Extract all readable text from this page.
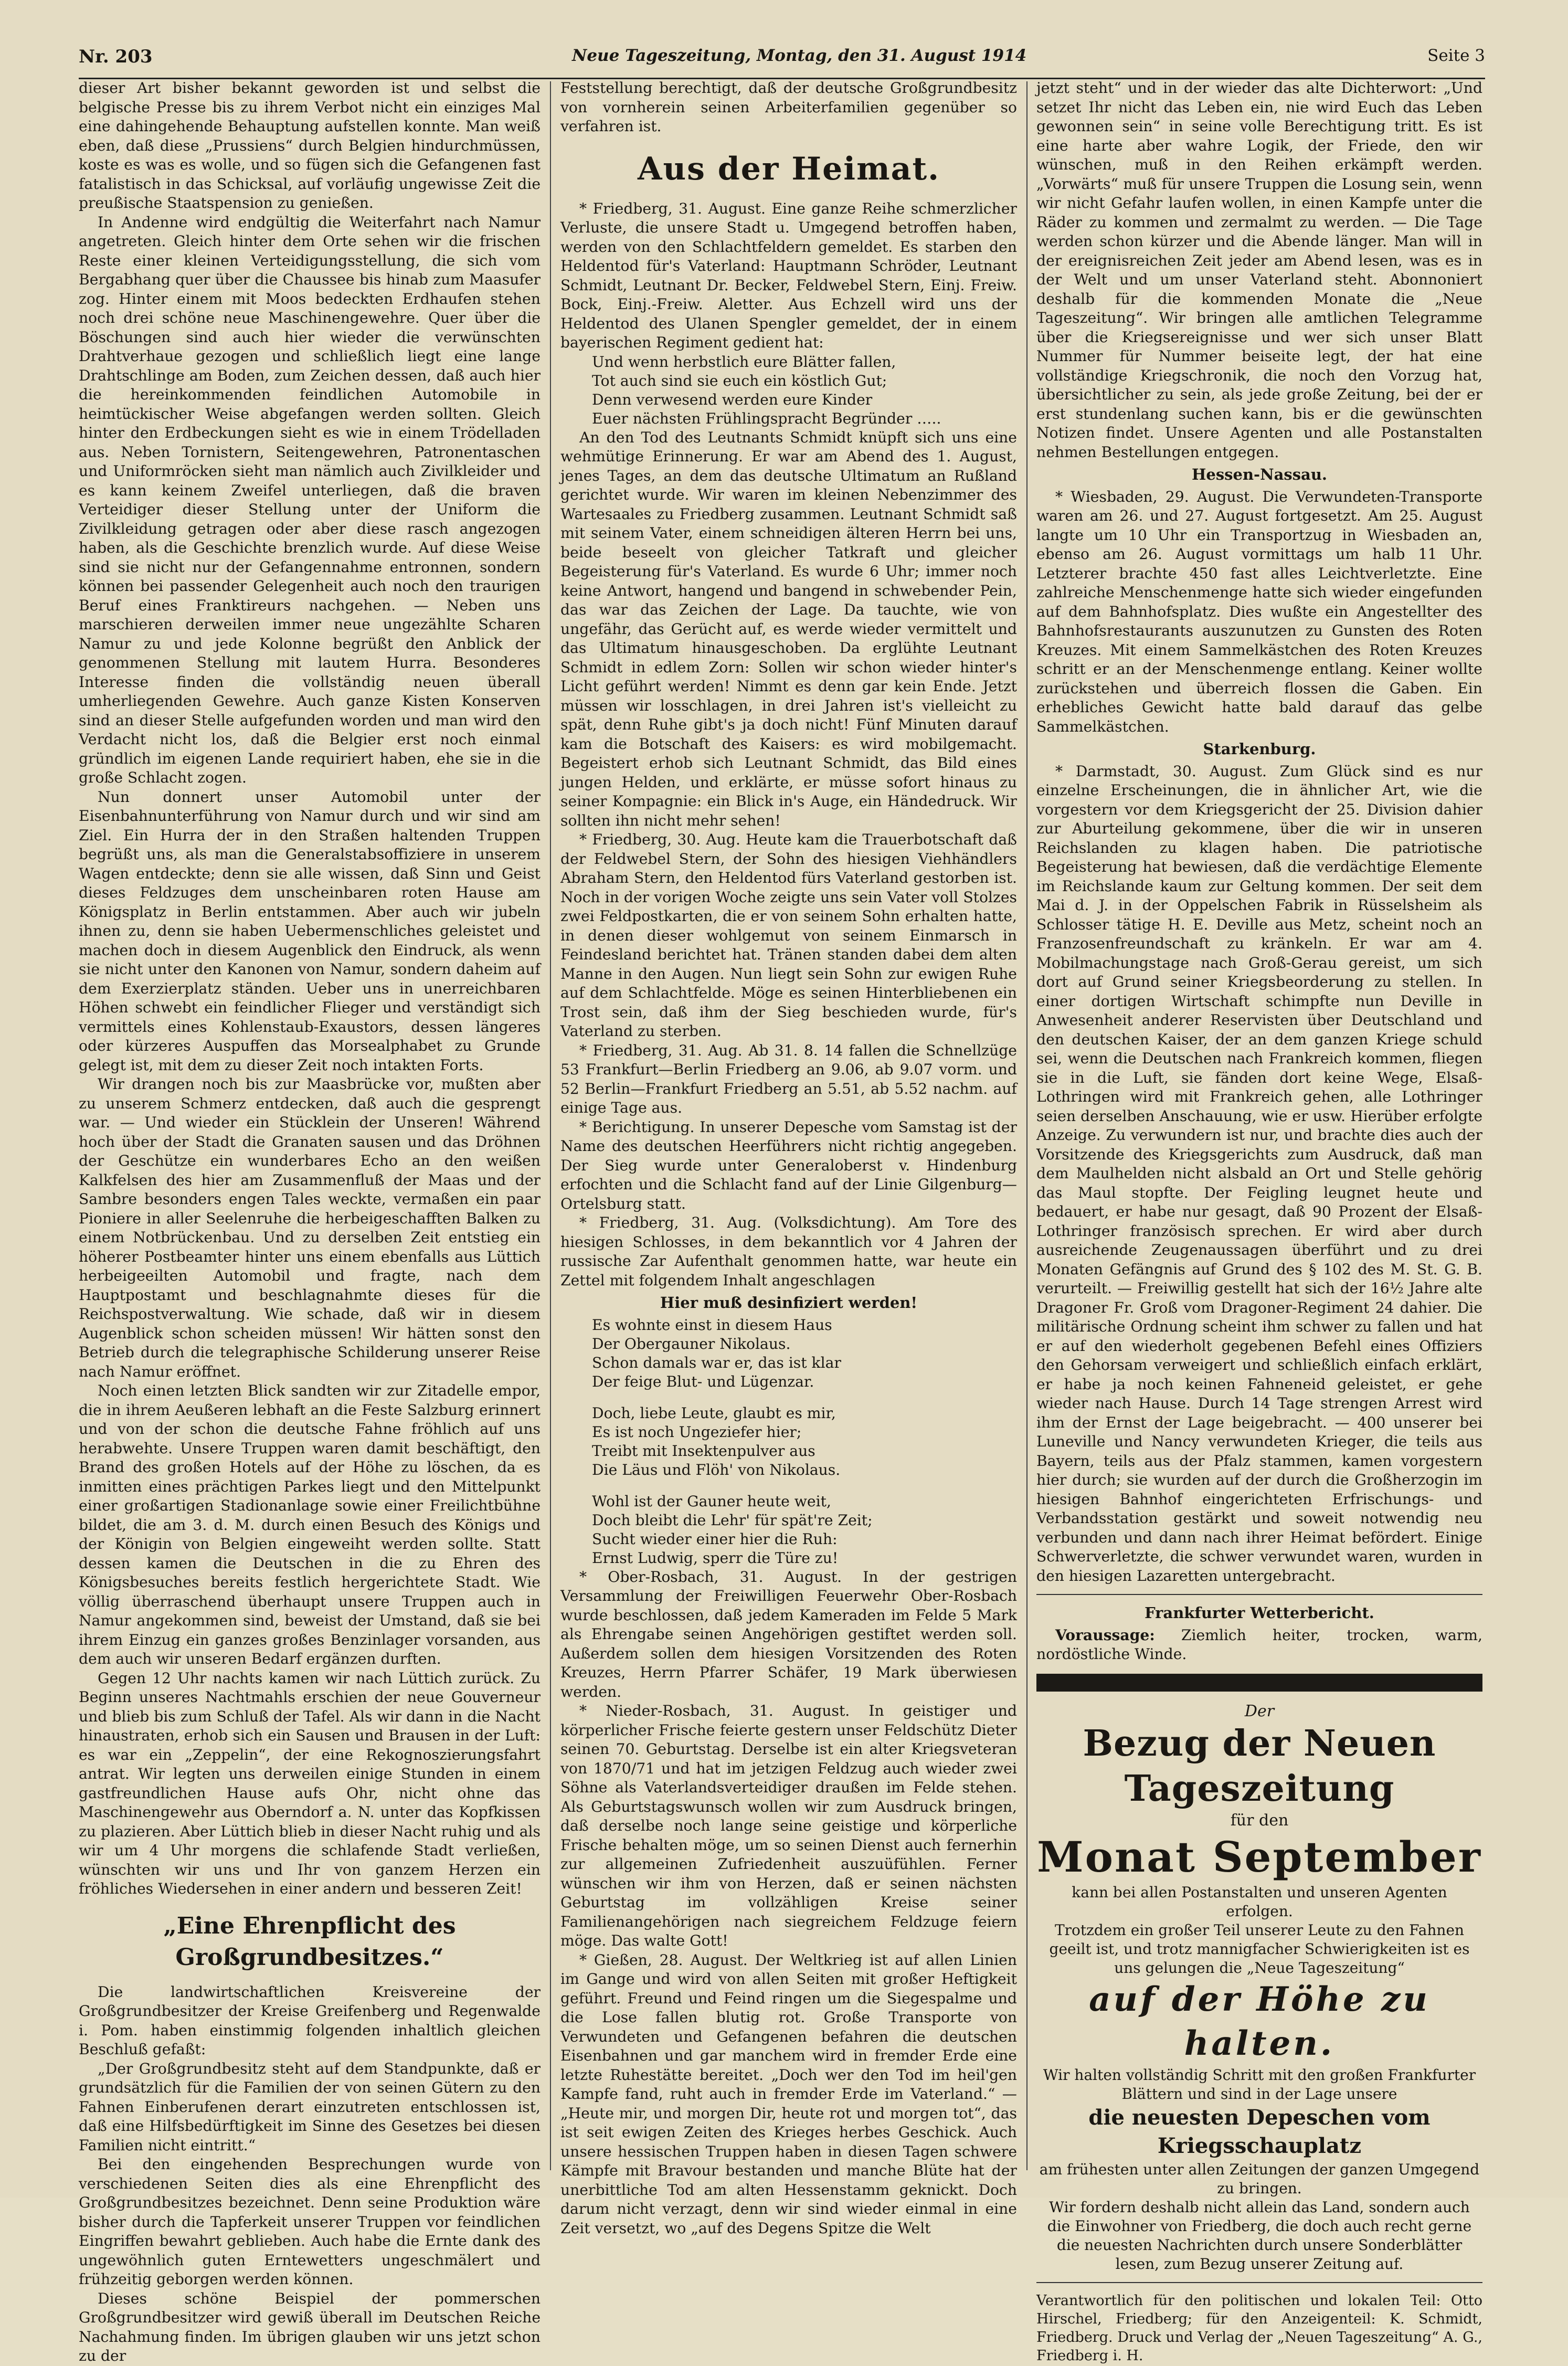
Nr. 203	Neue Tageszeitung, Montag, den 31. August 1914	Seite 3

dieser Art bisher bekannt geworden ist und selbst die belgische Presse bis zu ihrem Verbot nicht ein einziges Mal eine dahingehende Behauptung aufstellen konnte. Man weiß eben, daß diese „Prussiens“ durch Belgien hindurchmüssen, koste es was es wolle, und so fügen sich die Gefangenen fast fatalistisch in das Schicksal, auf vorläufig ungewisse Zeit die preußische Staatspension zu genießen.

In Andenne wird endgültig die Weiterfahrt nach Namur angetreten. Gleich hinter dem Orte sehen wir die frischen Reste einer kleinen Verteidigungsstellung, die sich vom Bergabhang quer über die Chaussee bis hinab zum Maasufer zog. Hinter einem mit Moos bedeckten Erdhaufen stehen noch drei schöne neue Maschinengewehre. Quer über die Böschungen sind auch hier wieder die verwünschten Drahtverhaue gezogen und schließlich liegt eine lange Drahtschlinge am Boden, zum Zeichen dessen, daß auch hier die hereinkommenden feindlichen Automobile in heimtückischer Weise abgefangen werden sollten. Gleich hinter den Erdbeckungen sieht es wie in einem Trödelladen aus. Neben Tornistern, Seitengewehren, Patronentaschen und Uniformröcken sieht man nämlich auch Zivilkleider und es kann keinem Zweifel unterliegen, daß die braven Verteidiger dieser Stellung unter der Uniform die Zivilkleidung getragen oder aber diese rasch angezogen haben, als die Geschichte brenzlich wurde. Auf diese Weise sind sie nicht nur der Gefangennahme entronnen, sondern können bei passender Gelegenheit auch noch den traurigen Beruf eines Franktireurs nachgehen. — Neben uns marschieren derweilen immer neue ungezählte Scharen Namur zu und jede Kolonne begrüßt den Anblick der genommenen Stellung mit lautem Hurra. Besonderes Interesse finden die vollständig neuen überall umherliegenden Gewehre. Auch ganze Kisten Konserven sind an dieser Stelle aufgefunden worden und man wird den Verdacht nicht los, daß die Belgier erst noch einmal gründlich im eigenen Lande requiriert haben, ehe sie in die große Schlacht zogen.

Nun donnert unser Automobil unter der Eisenbahnunterführung von Namur durch und wir sind am Ziel. Ein Hurra der in den Straßen haltenden Truppen begrüßt uns, als man die Generalstabsoffiziere in unserem Wagen entdeckte; denn sie alle wissen, daß Sinn und Geist dieses Feldzuges dem unscheinbaren roten Hause am Königsplatz in Berlin entstammen. Aber auch wir jubeln ihnen zu, denn sie haben Uebermenschliches geleistet und machen doch in diesem Augenblick den Eindruck, als wenn sie nicht unter den Kanonen von Namur, sondern daheim auf dem Exerzierplatz ständen. Ueber uns in unerreichbaren Höhen schwebt ein feindlicher Flieger und verständigt sich vermittels eines Kohlenstaub-Exaustors, dessen längeres oder kürzeres Auspuffen das Morsealphabet zu Grunde gelegt ist, mit dem zu dieser Zeit noch intakten Forts.

Wir drangen noch bis zur Maasbrücke vor, mußten aber zu unserem Schmerz entdecken, daß auch die gesprengt war. — Und wieder ein Stücklein der Unseren! Während hoch über der Stadt die Granaten sausen und das Dröhnen der Geschütze ein wunderbares Echo an den weißen Kalkfelsen des hier am Zusammenfluß der Maas und der Sambre besonders engen Tales weckte, vermaßen ein paar Pioniere in aller Seelenruhe die herbeigeschafften Balken zu einem Notbrückenbau. Und zu derselben Zeit entstieg ein höherer Postbeamter hinter uns einem ebenfalls aus Lüttich herbeigeeilten Automobil und fragte, nach dem Hauptpostamt und beschlagnahmte dieses für die Reichspostverwaltung. Wie schade, daß wir in diesem Augenblick schon scheiden müssen! Wir hätten sonst den Betrieb durch die telegraphische Schilderung unserer Reise nach Namur eröffnet.

Noch einen letzten Blick sandten wir zur Zitadelle empor, die in ihrem Aeußeren lebhaft an die Feste Salzburg erinnert und von der schon die deutsche Fahne fröhlich auf uns herabwehte. Unsere Truppen waren damit beschäftigt, den Brand des großen Hotels auf der Höhe zu löschen, da es inmitten eines prächtigen Parkes liegt und den Mittelpunkt einer großartigen Stadionanlage sowie einer Freilichtbühne bildet, die am 3. d. M. durch einen Besuch des Königs und der Königin von Belgien eingeweiht werden sollte. Statt dessen kamen die Deutschen in die zu Ehren des Königsbesuches bereits festlich hergerichtete Stadt. Wie völlig überraschend überhaupt unsere Truppen auch in Namur angekommen sind, beweist der Umstand, daß sie bei ihrem Einzug ein ganzes großes Benzinlager vorsanden, aus dem auch wir unseren Bedarf ergänzen durften.

Gegen 12 Uhr nachts kamen wir nach Lüttich zurück. Zu Beginn unseres Nachtmahls erschien der neue Gouverneur und blieb bis zum Schluß der Tafel. Als wir dann in die Nacht hinaustraten, erhob sich ein Sausen und Brausen in der Luft: es war ein „Zeppelin“, der eine Rekognoszierungsfahrt antrat. Wir legten uns derweilen einige Stunden in einem gastfreundlichen Hause aufs Ohr, nicht ohne das Maschinengewehr aus Oberndorf a. N. unter das Kopfkissen zu plazieren. Aber Lüttich blieb in dieser Nacht ruhig und als wir um 4 Uhr morgens die schlafende Stadt verließen, wünschten wir uns und Ihr von ganzem Herzen ein fröhliches Wiedersehen in einer andern und besseren Zeit!

„Eine Ehrenpflicht des Großgrundbesitzes.“

Die landwirtschaftlichen Kreisvereine der Großgrundbesitzer der Kreise Greifenberg und Regenwalde i. Pom. haben einstimmig folgenden inhaltlich gleichen Beschluß gefaßt:

„Der Großgrundbesitz steht auf dem Standpunkte, daß er grundsätzlich für die Familien der von seinen Gütern zu den Fahnen Einberufenen derart einzutreten entschlossen ist, daß eine Hilfsbedürftigkeit im Sinne des Gesetzes bei diesen Familien nicht eintritt.“

Bei den eingehenden Besprechungen wurde von verschiedenen Seiten dies als eine Ehrenpflicht des Großgrundbesitzes bezeichnet. Denn seine Produktion wäre bisher durch die Tapferkeit unserer Truppen vor feindlichen Eingriffen bewahrt geblieben. Auch habe die Ernte dank des ungewöhnlich guten Erntewetters ungeschmälert und frühzeitig geborgen werden können.

Dieses schöne Beispiel der pommerschen Großgrundbesitzer wird gewiß überall im Deutschen Reiche Nachahmung finden. Im übrigen glauben wir uns jetzt schon zu der

Feststellung berechtigt, daß der deutsche Großgrundbesitz von vornherein seinen Arbeiterfamilien gegenüber so verfahren ist.

Aus der Heimat.

* Friedberg, 31. August. Eine ganze Reihe schmerzlicher Verluste, die unsere Stadt u. Umgegend betroffen haben, werden von den Schlachtfeldern gemeldet. Es starben den Heldentod für's Vaterland: Hauptmann Schröder, Leutnant Schmidt, Leutnant Dr. Becker, Feldwebel Stern, Einj. Freiw. Bock, Einj.-Freiw. Aletter. Aus Echzell wird uns der Heldentod des Ulanen Spengler gemeldet, der in einem bayerischen Regiment gedient hat:

Und wenn herbstlich eure Blätter fallen,
Tot auch sind sie euch ein köstlich Gut;
Denn verwesend werden eure Kinder
Euer nächsten Frühlingspracht Begründer …..

An den Tod des Leutnants Schmidt knüpft sich uns eine wehmütige Erinnerung. Er war am Abend des 1. August, jenes Tages, an dem das deutsche Ultimatum an Rußland gerichtet wurde. Wir waren im kleinen Nebenzimmer des Wartesaales zu Friedberg zusammen. Leutnant Schmidt saß mit seinem Vater, einem schneidigen älteren Herrn bei uns, beide beseelt von gleicher Tatkraft und gleicher Begeisterung für's Vaterland. Es wurde 6 Uhr; immer noch keine Antwort, hangend und bangend in schwebender Pein, das war das Zeichen der Lage. Da tauchte, wie von ungefähr, das Gerücht auf, es werde wieder vermittelt und das Ultimatum hinausgeschoben. Da erglühte Leutnant Schmidt in edlem Zorn: Sollen wir schon wieder hinter's Licht geführt werden! Nimmt es denn gar kein Ende. Jetzt müssen wir losschlagen, in drei Jahren ist's vielleicht zu spät, denn Ruhe gibt's ja doch nicht! Fünf Minuten darauf kam die Botschaft des Kaisers: es wird mobilgemacht. Begeistert erhob sich Leutnant Schmidt, das Bild eines jungen Helden, und erklärte, er müsse sofort hinaus zu seiner Kompagnie: ein Blick in's Auge, ein Händedruck. Wir sollten ihn nicht mehr sehen!

* Friedberg, 30. Aug. Heute kam die Trauerbotschaft daß der Feldwebel Stern, der Sohn des hiesigen Viehhändlers Abraham Stern, den Heldentod fürs Vaterland gestorben ist. Noch in der vorigen Woche zeigte uns sein Vater voll Stolzes zwei Feldpostkarten, die er von seinem Sohn erhalten hatte, in denen dieser wohlgemut von seinem Einmarsch in Feindesland berichtet hat. Tränen standen dabei dem alten Manne in den Augen. Nun liegt sein Sohn zur ewigen Ruhe auf dem Schlachtfelde. Möge es seinen Hinterbliebenen ein Trost sein, daß ihm der Sieg beschieden wurde, für's Vaterland zu sterben.

* Friedberg, 31. Aug. Ab 31. 8. 14 fallen die Schnellzüge 53 Frankfurt—Berlin Friedberg an 9.06, ab 9.07 vorm. und 52 Berlin—Frankfurt Friedberg an 5.51, ab 5.52 nachm. auf einige Tage aus.

* Berichtigung. In unserer Depesche vom Samstag ist der Name des deutschen Heerführers nicht richtig angegeben. Der Sieg wurde unter Generaloberst v. Hindenburg erfochten und die Schlacht fand auf der Linie Gilgenburg—Ortelsburg statt.

* Friedberg, 31. Aug. (Volksdichtung). Am Tore des hiesigen Schlosses, in dem bekanntlich vor 4 Jahren der russische Zar Aufenthalt genommen hatte, war heute ein Zettel mit folgendem Inhalt angeschlagen

Hier muß desinfiziert werden!
Es wohnte einst in diesem Haus
Der Obergauner Nikolaus.
Schon damals war er, das ist klar
Der feige Blut- und Lügenzar.
Doch, liebe Leute, glaubt es mir,
Es ist noch Ungeziefer hier;
Treibt mit Insektenpulver aus
Die Läus und Flöh' von Nikolaus.
Wohl ist der Gauner heute weit,
Doch bleibt die Lehr' für spät're Zeit;
Sucht wieder einer hier die Ruh:
Ernst Ludwig, sperr die Türe zu!

* Ober-Rosbach, 31. August. In der gestrigen Versammlung der Freiwilligen Feuerwehr Ober-Rosbach wurde beschlossen, daß jedem Kameraden im Felde 5 Mark als Ehrengabe seinen Angehörigen gestiftet werden soll. Außerdem sollen dem hiesigen Vorsitzenden des Roten Kreuzes, Herrn Pfarrer Schäfer, 19 Mark überwiesen werden.

* Nieder-Rosbach, 31. August. In geistiger und körperlicher Frische feierte gestern unser Feldschütz Dieter seinen 70. Geburtstag. Derselbe ist ein alter Kriegsveteran von 1870/71 und hat im jetzigen Feldzug auch wieder zwei Söhne als Vaterlandsverteidiger draußen im Felde stehen. Als Geburtstagswunsch wollen wir zum Ausdruck bringen, daß derselbe noch lange seine geistige und körperliche Frische behalten möge, um so seinen Dienst auch fernerhin zur allgemeinen Zufriedenheit auszuüfühlen. Ferner wünschen wir ihm von Herzen, daß er seinen nächsten Geburtstag im vollzähligen Kreise seiner Familienangehörigen nach siegreichem Feldzuge feiern möge. Das walte Gott!

* Gießen, 28. August. Der Weltkrieg ist auf allen Linien im Gange und wird von allen Seiten mit großer Heftigkeit geführt. Freund und Feind ringen um die Siegespalme und die Lose fallen blutig rot. Große Transporte von Verwundeten und Gefangenen befahren die deutschen Eisenbahnen und gar manchem wird in fremder Erde eine letzte Ruhestätte bereitet. „Doch wer den Tod im heil'gen Kampfe fand, ruht auch in fremder Erde im Vaterland.“ — „Heute mir, und morgen Dir, heute rot und morgen tot“, das ist seit ewigen Zeiten des Krieges herbes Geschick. Auch unsere hessischen Truppen haben in diesen Tagen schwere Kämpfe mit Bravour bestanden und manche Blüte hat der unerbittliche Tod am alten Hessenstamm geknickt. Doch darum nicht verzagt, denn wir sind wieder einmal in eine Zeit versetzt, wo „auf des Degens Spitze die Welt

jetzt steht“ und in der wieder das alte Dichterwort: „Und setzet Ihr nicht das Leben ein, nie wird Euch das Leben gewonnen sein“ in seine volle Berechtigung tritt. Es ist eine harte aber wahre Logik, der Friede, den wir wünschen, muß in den Reihen erkämpft werden. „Vorwärts“ muß für unsere Truppen die Losung sein, wenn wir nicht Gefahr laufen wollen, in einen Kampfe unter die Räder zu kommen und zermalmt zu werden. — Die Tage werden schon kürzer und die Abende länger. Man will in der ereignisreichen Zeit jeder am Abend lesen, was es in der Welt und um unser Vaterland steht. Abonnoniert deshalb für die kommenden Monate die „Neue Tageszeitung“. Wir bringen alle amtlichen Telegramme über die Kriegsereignisse und wer sich unser Blatt Nummer für Nummer beiseite legt, der hat eine vollständige Kriegschronik, die noch den Vorzug hat, übersichtlicher zu sein, als jede große Zeitung, bei der er erst stundenlang suchen kann, bis er die gewünschten Notizen findet. Unsere Agenten und alle Postanstalten nehmen Bestellungen entgegen.

Hessen-Nassau.

* Wiesbaden, 29. August. Die Verwundeten-Transporte waren am 26. und 27. August fortgesetzt. Am 25. August langte um 10 Uhr ein Transportzug in Wiesbaden an, ebenso am 26. August vormittags um halb 11 Uhr. Letzterer brachte 450 fast alles Leichtverletzte. Eine zahlreiche Menschenmenge hatte sich wieder eingefunden auf dem Bahnhofsplatz. Dies wußte ein Angestellter des Bahnhofsrestaurants auszunutzen zu Gunsten des Roten Kreuzes. Mit einem Sammelkästchen des Roten Kreuzes schritt er an der Menschenmenge entlang. Keiner wollte zurückstehen und überreich flossen die Gaben. Ein erhebliches Gewicht hatte bald darauf das gelbe Sammelkästchen.

Starkenburg.

* Darmstadt, 30. August. Zum Glück sind es nur einzelne Erscheinungen, die in ähnlicher Art, wie die vorgestern vor dem Kriegsgericht der 25. Division dahier zur Aburteilung gekommene, über die wir in unseren Reichslanden zu klagen haben. Die patriotische Begeisterung hat bewiesen, daß die verdächtige Elemente im Reichslande kaum zur Geltung kommen. Der seit dem Mai d. J. in der Oppelschen Fabrik in Rüsselsheim als Schlosser tätige H. E. Deville aus Metz, scheint noch an Franzosenfreundschaft zu kränkeln. Er war am 4. Mobilmachungstage nach Groß-Gerau gereist, um sich dort auf Grund seiner Kriegsbeorderung zu stellen. In einer dortigen Wirtschaft schimpfte nun Deville in Anwesenheit anderer Reservisten über Deutschland und den deutschen Kaiser, der an dem ganzen Kriege schuld sei, wenn die Deutschen nach Frankreich kommen, fliegen sie in die Luft, sie fänden dort keine Wege, Elsaß-Lothringen wird mit Frankreich gehen, alle Lothringer seien derselben Anschauung, wie er usw. Hierüber erfolgte Anzeige. Zu verwundern ist nur, und brachte dies auch der Vorsitzende des Kriegsgerichts zum Ausdruck, daß man dem Maulhelden nicht alsbald an Ort und Stelle gehörig das Maul stopfte. Der Feigling leugnet heute und bedauert, er habe nur gesagt, daß 90 Prozent der Elsaß-Lothringer französisch sprechen. Er wird aber durch ausreichende Zeugenaussagen überführt und zu drei Monaten Gefängnis auf Grund des § 102 des M. St. G. B. verurteilt. — Freiwillig gestellt hat sich der 16½ Jahre alte Dragoner Fr. Groß vom Dragoner-Regiment 24 dahier. Die militärische Ordnung scheint ihm schwer zu fallen und hat er auf den wiederholt gegebenen Befehl eines Offiziers den Gehorsam verweigert und schließlich einfach erklärt, er habe ja noch keinen Fahneneid geleistet, er gehe wieder nach Hause. Durch 14 Tage strengen Arrest wird ihm der Ernst der Lage beigebracht. — 400 unserer bei Luneville und Nancy verwundeten Krieger, die teils aus Bayern, teils aus der Pfalz stammen, kamen vorgestern hier durch; sie wurden auf der durch die Großherzogin im hiesigen Bahnhof eingerichteten Erfrischungs- und Verbandsstation gestärkt und soweit notwendig neu verbunden und dann nach ihrer Heimat befördert. Einige Schwerverletzte, die schwer verwundet waren, wurden in den hiesigen Lazaretten untergebracht.

Frankfurter Wetterbericht.

Voraussage: Ziemlich heiter, trocken, warm, nordöstliche Winde.

Der
Bezug der Neuen Tageszeitung
für den
Monat September
kann bei allen Postanstalten und unseren Agenten erfolgen.
Trotzdem ein großer Teil unserer Leute zu den Fahnen geeilt ist, und trotz mannigfacher Schwierigkeiten ist es uns gelungen die „Neue Tageszeitung“
auf der Höhe zu halten.
Wir halten vollständig Schritt mit den großen Frankfurter Blättern und sind in der Lage unsere
die neuesten Depeschen vom Kriegsschauplatz
am frühesten unter allen Zeitungen der ganzen Umgegend zu bringen.
Wir fordern deshalb nicht allein das Land, sondern auch die Einwohner von Friedberg, die doch auch recht gerne die neuesten Nachrichten durch unsere Sonderblätter lesen, zum Bezug unserer Zeitung auf.
Verantwortlich für den politischen und lokalen Teil: Otto Hirschel, Friedberg; für den Anzeigenteil: K. Schmidt, Friedberg. Druck und Verlag der „Neuen Tageszeitung“ A. G., Friedberg i. H.
